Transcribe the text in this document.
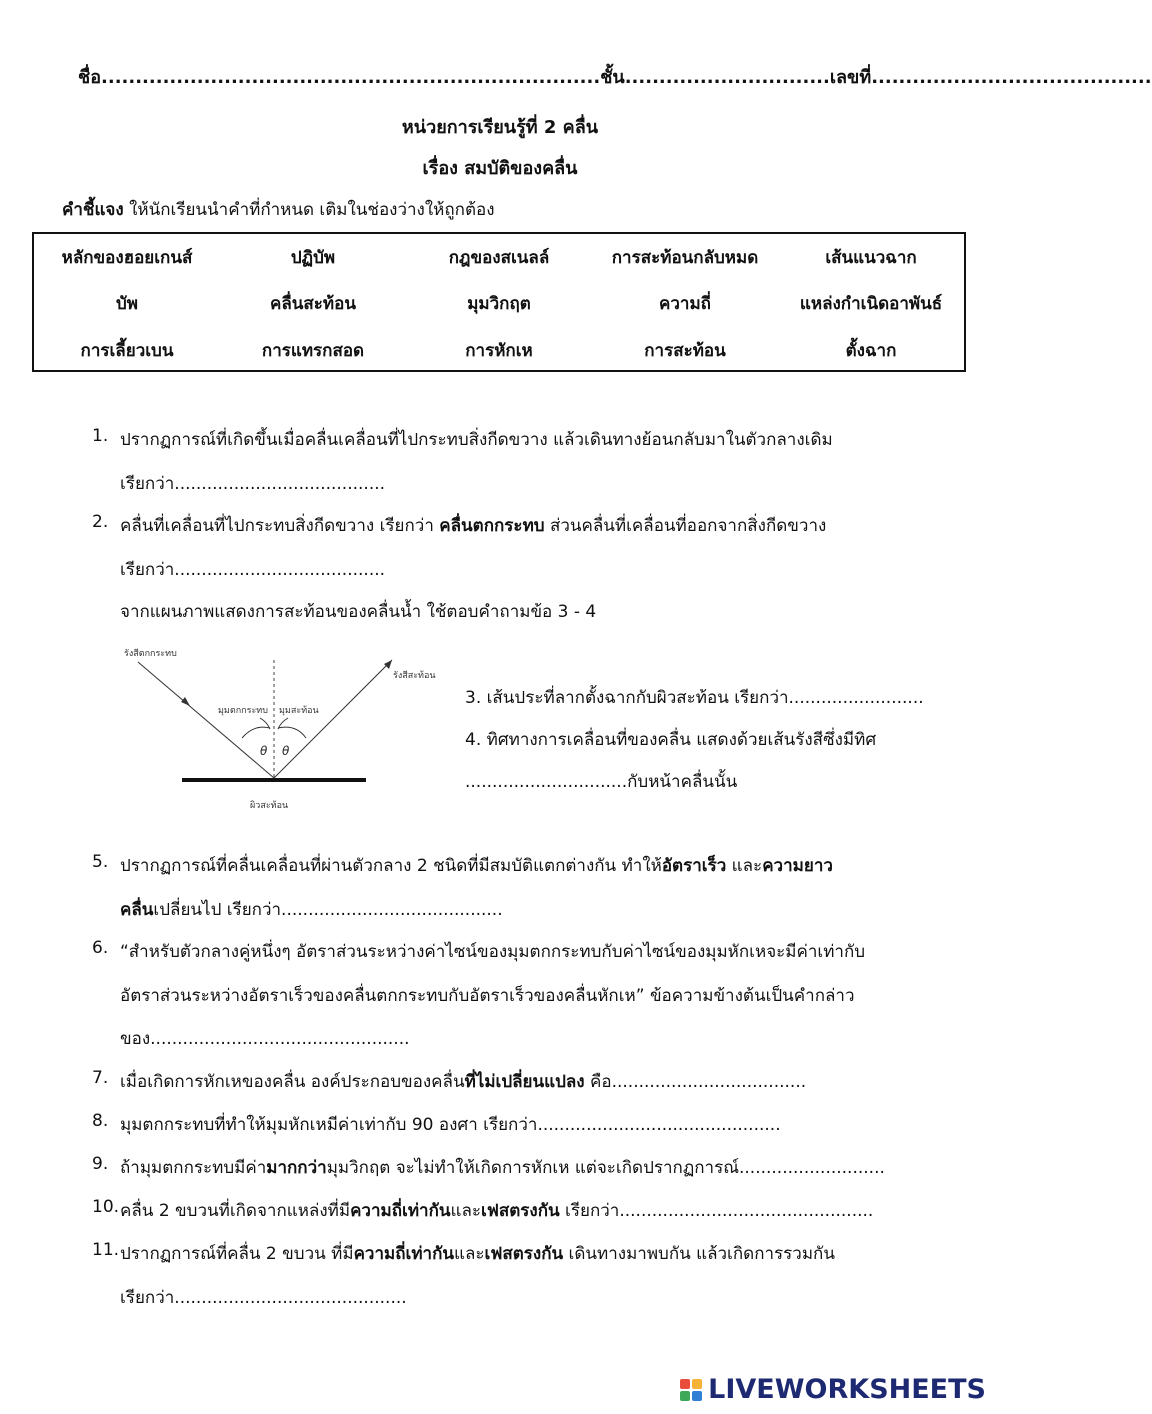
ชื่อ.........................................................................ชั้น..............................เลขที่.........................................
หน่วยการเรียนรู้ที่ 2 คลื่น
เรื่อง สมบัติของคลื่น
คำชี้แจง ให้นักเรียนนำคำที่กำหนด เติมในช่องว่างให้ถูกต้อง
หลักของฮอยเกนส์	ปฏิบัพ	กฎของสเนลล์	การสะท้อนกลับหมด	เส้นแนวฉาก
บัพ	คลื่นสะท้อน	มุมวิกฤต	ความถี่	แหล่งกำเนิดอาพันธ์
การเลี้ยวเบน	การแทรกสอด	การหักเห	การสะท้อน	ตั้งฉาก
1. ปรากฏการณ์ที่เกิดขึ้นเมื่อคลื่นเคลื่อนที่ไปกระทบสิ่งกีดขวาง แล้วเดินทางย้อนกลับมาในตัวกลางเดิม
เรียกว่า.......................................
2. คลื่นที่เคลื่อนที่ไปกระทบสิ่งกีดขวาง เรียกว่า คลื่นตกกระทบ ส่วนคลื่นที่เคลื่อนที่ออกจากสิ่งกีดขวาง
เรียกว่า.......................................
จากแผนภาพแสดงการสะท้อนของคลื่นน้ำ ใช้ตอบคำถามข้อ 3 - 4
θ θ
รังสีตกกระทบ
รังสีสะท้อน
มุมตกกระทบ มุมสะท้อน
ผิวสะท้อน
3. เส้นประที่ลากตั้งฉากกับผิวสะท้อน เรียกว่า.........................
4. ทิศทางการเคลื่อนที่ของคลื่น แสดงด้วยเส้นรังสีซึ่งมีทิศ
..............................กับหน้าคลื่นนั้น
5. ปรากฏการณ์ที่คลื่นเคลื่อนที่ผ่านตัวกลาง 2 ชนิดที่มีสมบัติแตกต่างกัน ทำให้อัตราเร็ว และความยาว
คลื่นเปลี่ยนไป เรียกว่า.........................................
6. “สำหรับตัวกลางคู่หนึ่งๆ อัตราส่วนระหว่างค่าไซน์ของมุมตกกระทบกับค่าไซน์ของมุมหักเหจะมีค่าเท่ากับ
อัตราส่วนระหว่างอัตราเร็วของคลื่นตกกระทบกับอัตราเร็วของคลื่นหักเห” ข้อความข้างต้นเป็นคำกล่าว
ของ................................................
7. เมื่อเกิดการหักเหของคลื่น องค์ประกอบของคลื่นที่ไม่เปลี่ยนแปลง คือ....................................
8. มุมตกกระทบที่ทำให้มุมหักเหมีค่าเท่ากับ 90 องศา เรียกว่า.............................................
9. ถ้ามุมตกกระทบมีค่ามากกว่ามุมวิกฤต จะไม่ทำให้เกิดการหักเห แต่จะเกิดปรากฏการณ์...........................
10. คลื่น 2 ขบวนที่เกิดจากแหล่งที่มีความถี่เท่ากันและเฟสตรงกัน เรียกว่า...............................................
11. ปรากฏการณ์ที่คลื่น 2 ขบวน ที่มีความถี่เท่ากันและเฟสตรงกัน เดินทางมาพบกัน แล้วเกิดการรวมกัน
เรียกว่า...........................................
LIVEWORKSHEETS
